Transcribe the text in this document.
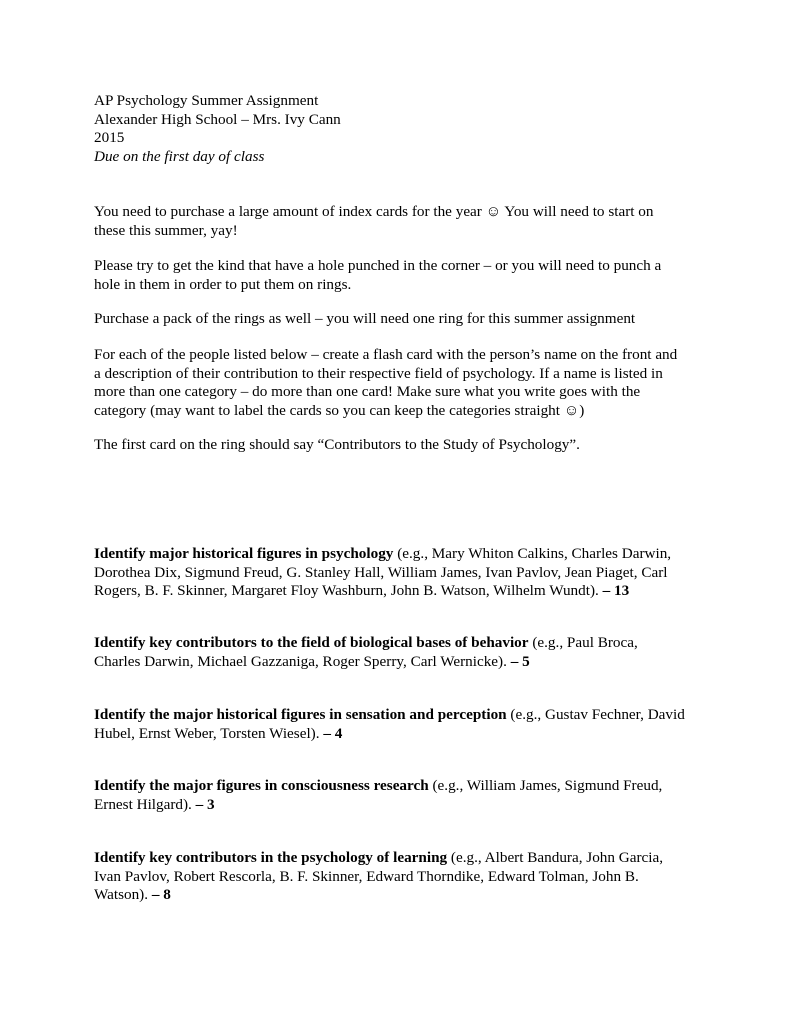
AP Psychology Summer Assignment
Alexander High School – Mrs. Ivy Cann
2015
Due on the first day of class
You need to purchase a large amount of index cards for the year ☺ You will need to start on
these this summer, yay!
Please try to get the kind that have a hole punched in the corner – or you will need to punch a
hole in them in order to put them on rings.
Purchase a pack of the rings as well – you will need one ring for this summer assignment
For each of the people listed below – create a flash card with the person’s name on the front and
a description of their contribution to their respective field of psychology. If a name is listed in
more than one category – do more than one card! Make sure what you write goes with the
category (may want to label the cards so you can keep the categories straight ☺)
The first card on the ring should say “Contributors to the Study of Psychology”.
Identify major historical figures in psychology (e.g., Mary Whiton Calkins, Charles Darwin,
Dorothea Dix, Sigmund Freud, G. Stanley Hall, William James, Ivan Pavlov, Jean Piaget, Carl
Rogers, B. F. Skinner, Margaret Floy Washburn, John B. Watson, Wilhelm Wundt). – 13
Identify key contributors to the field of biological bases of behavior (e.g., Paul Broca,
Charles Darwin, Michael Gazzaniga, Roger Sperry, Carl Wernicke). – 5
Identify the major historical figures in sensation and perception (e.g., Gustav Fechner, David
Hubel, Ernst Weber, Torsten Wiesel). – 4
Identify the major figures in consciousness research (e.g., William James, Sigmund Freud,
Ernest Hilgard). – 3
Identify key contributors in the psychology of learning (e.g., Albert Bandura, John Garcia,
Ivan Pavlov, Robert Rescorla, B. F. Skinner, Edward Thorndike, Edward Tolman, John B.
Watson). – 8
